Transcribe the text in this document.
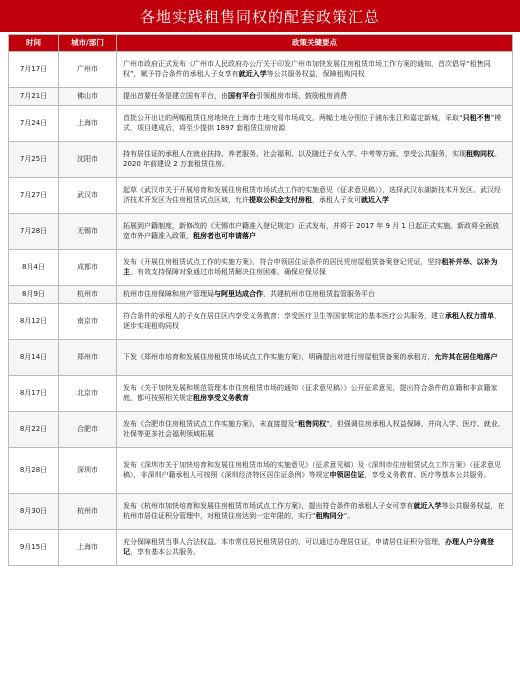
各地实践租售同权的配套政策汇总
时间	城市/部门	政策关键要点
7月17日	广州市	广州市政府正式发布《广州市人民政府办公厅关于印发广州市加快发展住房租赁市场工作方案的通知，首次倡导“租售同权”，赋予符合条件的承租人子女享有就近入学等公共服务权益，保障租购同权
7月21日	佛山市	提出首要任务是建立国有平台，由国有平台引领租房市场，鼓励租房消费
7月24日	上海市	首批公开出让的两幅租赁住房地块在上海市土地交易市场成交。两幅土地分别位于浦东张江和嘉定新城，采取“只租不售”模式，项目建成后，将至少提供 1897 套租赁住房房源
7月25日	沈阳市	持有居住证的承租人在就业扶持、养老服务、社会福利、以及随迁子女入学、中考等方面，享受公共服务，实现租购同权。2020 年前建设 2 万套租赁住房。
7月27日	武汉市	起草《武汉市关于开展培育和发展住房租赁市场试点工作的实施意见（征求意见稿）》，选择武汉东湖新技术开发区、武汉经济技术开发区为住房租赁试点区域，允许提取公积金支付房租，承租人子女可就近入学
7月28日	无锡市	拓展到户籍制度，新修改的《无锡市户籍准入登记规定》正式发布，并将于 2017 年 9 月 1 日起正式实施。新政将全面放宽市外户籍准入政策，租房者也可申请落户
8月4日	成都市	发布《开展住房租赁试点工作的实施方案》，符合申领居住证条件的居民凭房屋租赁备案登记凭证，坚持租补并举、以补为主，有效支持保障对象通过市场租赁解决住房困难，确保应保尽保
8月9日	杭州市	杭州市住房保障和房产管理局与阿里达成合作，共建杭州市住房租赁监管服务平台
8月12日	南京市	符合条件的承租人的子女在居住区内享受义务教育；享受医疗卫生等国家规定的基本医疗公共服务，建立承租人权力清单，逐步实现租购同权
8月14日	郑州市	下发《郑州市培育和发展住房租赁市场试点工作实施方案》，明确提出对进行房屋租赁备案的承租方，允许其在居住地落户
8月17日	北京市	发布《关于加快发展和规范管理本市住房租赁市场的通知（征求意见稿）》公开征求意见，提出符合条件的京籍和非京籍家庭，都可按照相关规定租房享受义务教育
8月22日	合肥市	发布《合肥市住房租赁试点工作实施方案》，未直接提及“租售同权”，但强调住房承租人权益保障，并向入学、医疗、就业、社保等更多社会福利领域拓展
8月28日	深圳市	发布《深圳市关于加快培育和发展住房租赁市场的实施意见》（征求意见稿）及《深圳市住房租赁试点工作方案》（征求意见稿），非深圳户籍承租人可按照《深圳经济特区居住证条例》等规定申领居住证，享受义务教育、医疗等基本公共服务。
8月30日	杭州市	发布《杭州市加快培育和发展住房租赁市场试点工作方案》，提出符合条件的承租人子女可享有就近入学等公共服务权益，在杭州市居住证积分管理中，对租赁住房达到一定年限的，实行“租购同分”。
9月15日	上海市	充分保障租赁当事人合法权益。本市常住居民租赁居住的，可以通过办理居住证、申请居住证积分管理，办理人户分离登记，享有基本公共服务。
